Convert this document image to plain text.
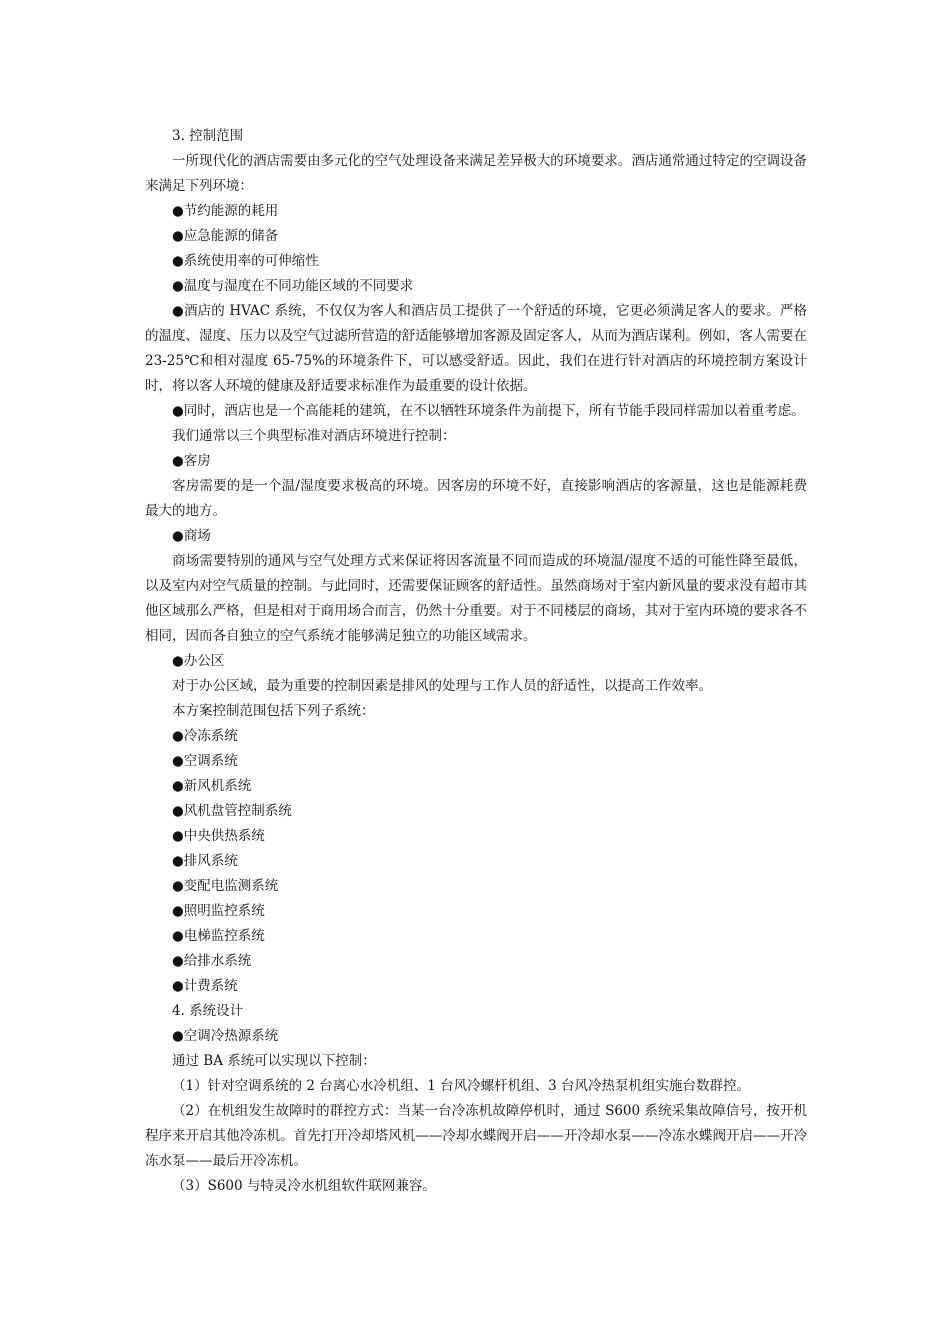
3. 控制范围

一所现代化的酒店需要由多元化的空气处理设备来满足差异极大的环境要求。酒店通常通过特定的空调设备来满足下列环境：

●节约能源的耗用

●应急能源的储备

●系统使用率的可伸缩性

●温度与湿度在不同功能区域的不同要求

●酒店的 HVAC 系统，不仅仅为客人和酒店员工提供了一个舒适的环境，它更必须满足客人的要求。严格的温度、湿度、压力以及空气过滤所营造的舒适能够增加客源及固定客人，从而为酒店谋利。例如，客人需要在 23-25℃和相对湿度 65-75%的环境条件下，可以感受舒适。因此，我们在进行针对酒店的环境控制方案设计时，将以客人环境的健康及舒适要求标准作为最重要的设计依据。

●同时，酒店也是一个高能耗的建筑，在不以牺牲环境条件为前提下，所有节能手段同样需加以着重考虑。

我们通常以三个典型标准对酒店环境进行控制：

●客房

客房需要的是一个温/湿度要求极高的环境。因客房的环境不好，直接影响酒店的客源量，这也是能源耗费最大的地方。

●商场

商场需要特别的通风与空气处理方式来保证将因客流量不同而造成的环境温/湿度不适的可能性降至最低，以及室内对空气质量的控制。与此同时，还需要保证顾客的舒适性。虽然商场对于室内新风量的要求没有超市其他区域那么严格，但是相对于商用场合而言，仍然十分重要。对于不同楼层的商场，其对于室内环境的要求各不相同，因而各自独立的空气系统才能够满足独立的功能区域需求。

●办公区

对于办公区域，最为重要的控制因素是排风的处理与工作人员的舒适性，以提高工作效率。

本方案控制范围包括下列子系统：

●冷冻系统

●空调系统

●新风机系统

●风机盘管控制系统

●中央供热系统

●排风系统

●变配电监测系统

●照明监控系统

●电梯监控系统

●给排水系统

●计费系统

4. 系统设计

●空调冷热源系统

通过 BA 系统可以实现以下控制：

（1）针对空调系统的 2 台离心水冷机组、1 台风冷螺杆机组、3 台风冷热泵机组实施台数群控。

（2）在机组发生故障时的群控方式：当某一台冷冻机故障停机时，通过 S600 系统采集故障信号，按开机程序来开启其他冷冻机。首先打开冷却塔风机——冷却水蝶阀开启——开冷却水泵——冷冻水蝶阀开启——开冷冻水泵——最后开冷冻机。

（3）S600 与特灵冷水机组软件联网兼容。
